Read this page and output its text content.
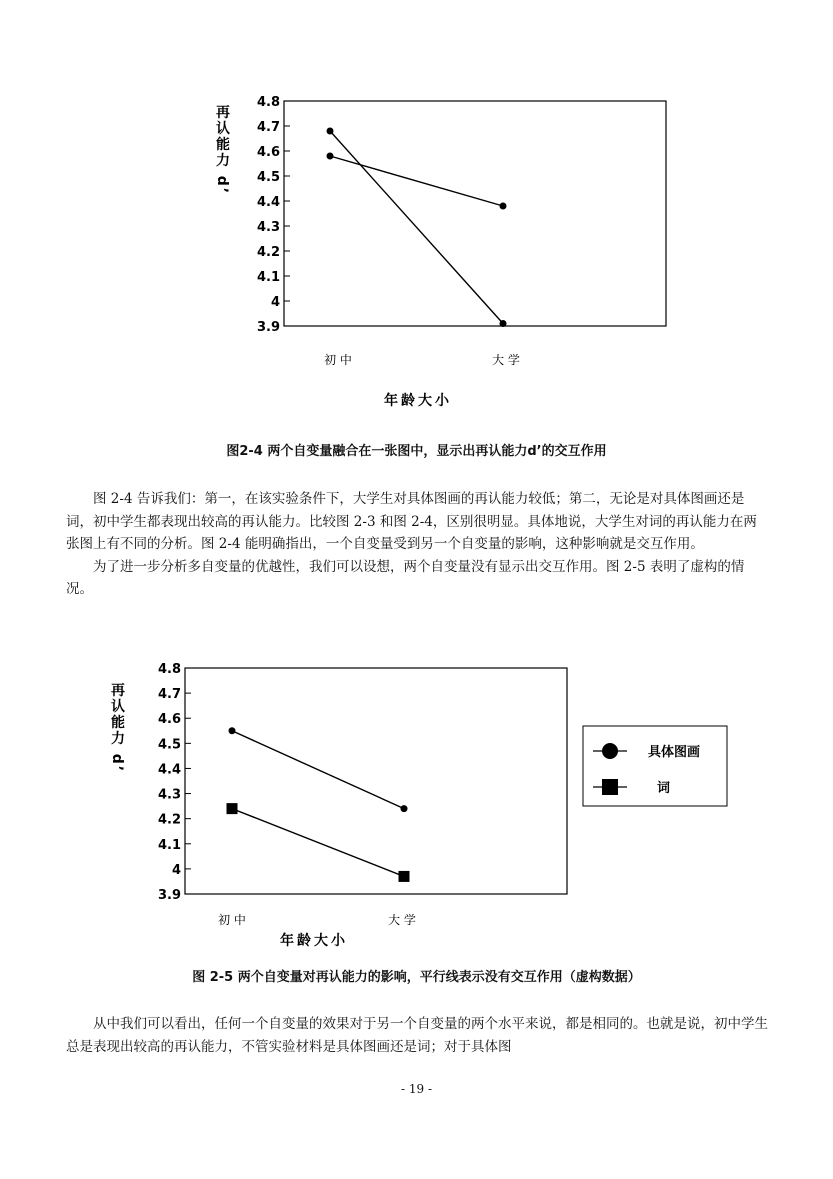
3.9
4
4.1
4.2
4.3
4.4
4.5
4.6
4.7
4.8
初 中	大 学
年龄大小
再认能力 d’
图2-4 两个自变量融合在一张图中，显示出再认能力d’的交互作用

图 2-4 告诉我们：第一，在该实验条件下，大学生对具体图画的再认能力较低；第二，无论是对具体图画还是词，初中学生都表现出较高的再认能力。比较图 2-3 和图 2-4，区别很明显。具体地说，大学生对词的再认能力在两张图上有不同的分析。图 2-4 能明确指出，一个自变量受到另一个自变量的影响，这种影响就是交互作用。

为了进一步分析多自变量的优越性，我们可以设想，两个自变量没有显示出交互作用。图 2-5 表明了虚构的情况。

3.9
4
4.1
4.2
4.3
4.4
4.5
4.6
4.7
4.8
初 中	大 学
年龄大小
再认能力 d’	具体图画
词
图 2-5 两个自变量对再认能力的影响，平行线表示没有交互作用（虚构数据）

从中我们可以看出，任何一个自变量的效果对于另一个自变量的两个水平来说，都是相同的。也就是说，初中学生总是表现出较高的再认能力，不管实验材料是具体图画还是词；对于具体图

- 19 -
